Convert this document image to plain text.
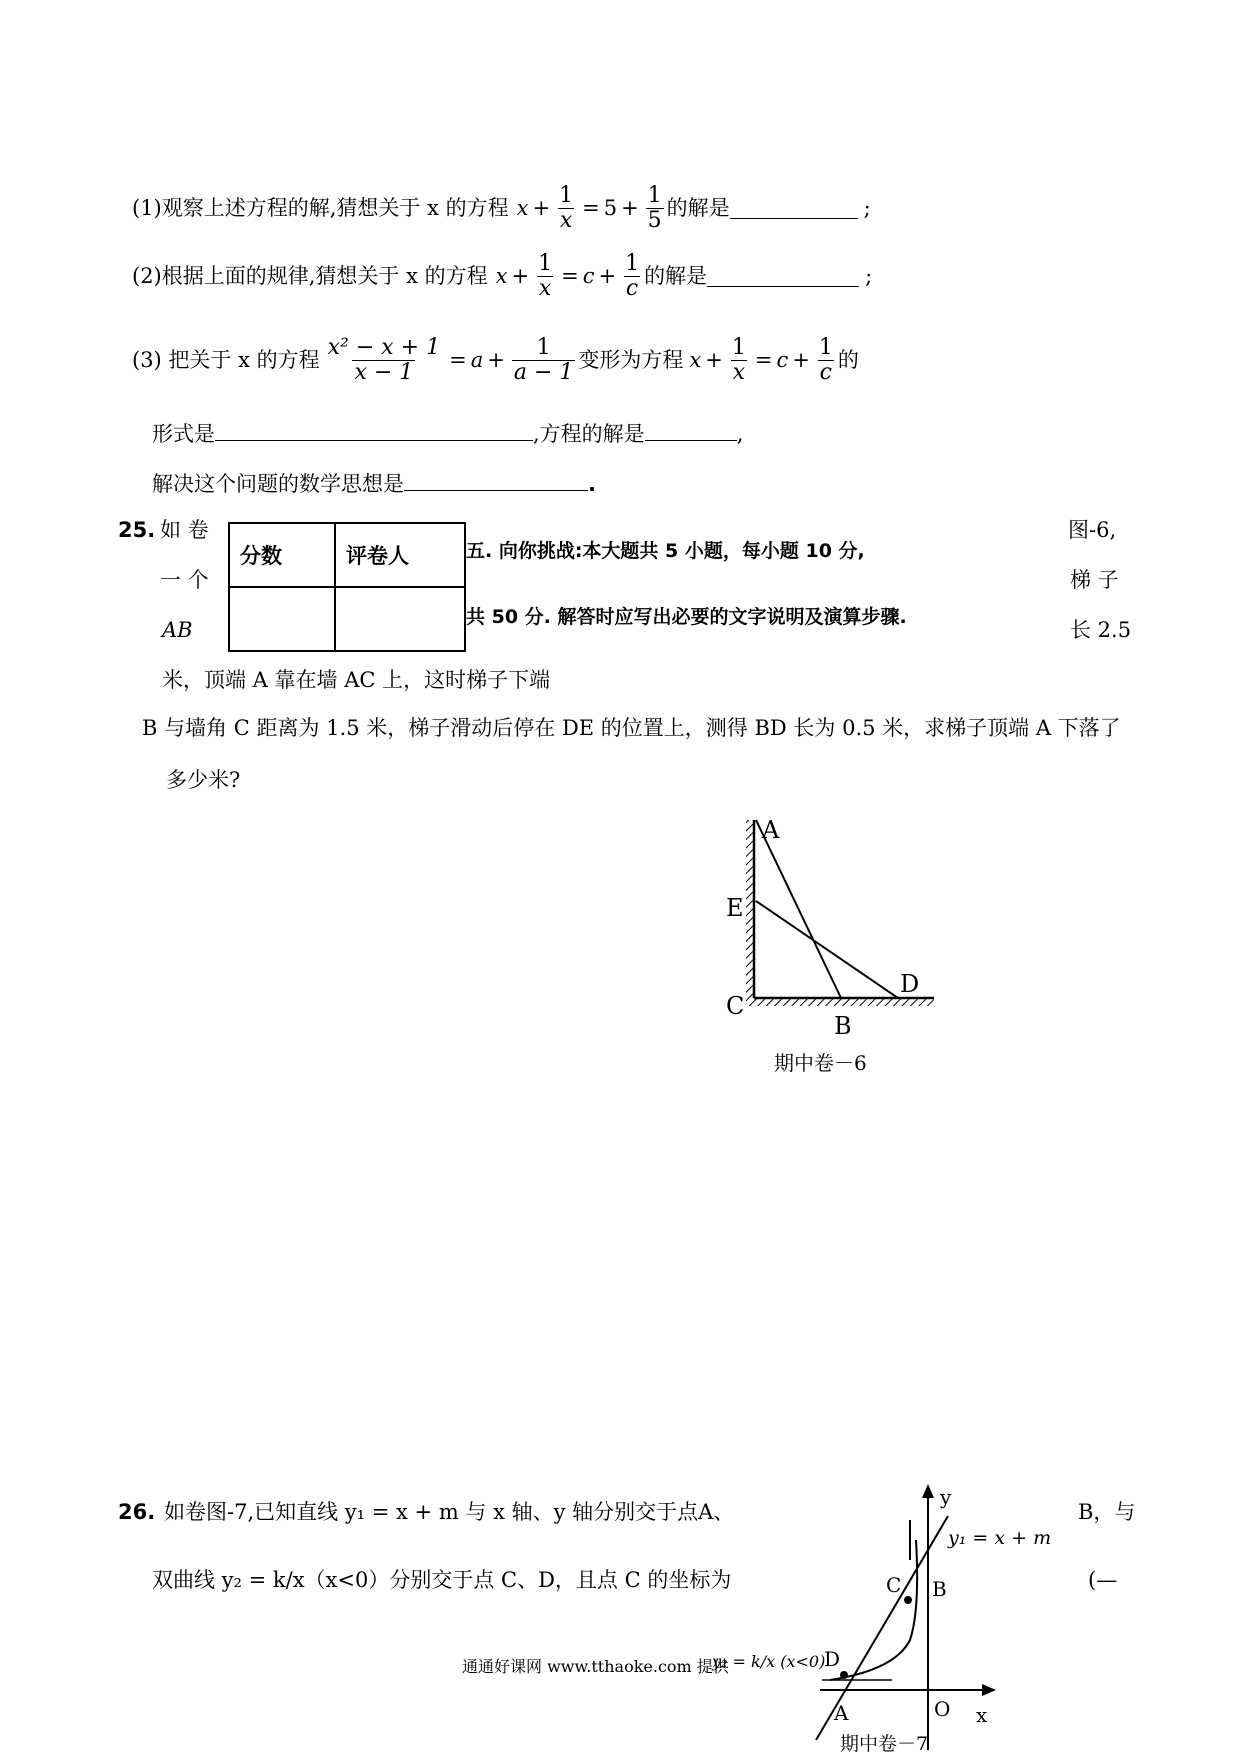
(1)观察上述方程的解,猜想关于 x 的方程 $x + \frac{1}{x} = 5 + \frac{1}{5}$ 的解是	;
(2)根据上面的规律,猜想关于 x 的方程 $x + \frac{1}{x} = c + \frac{1}{c}$ 的解是	;
(3) 把关于 x 的方程 $\frac{\text{x² − x + 1}}{x - 1} = a + \frac{1}{a - 1}$ 变形为方程 $x + \frac{1}{x} = c + \frac{1}{c}$ 的
形式是	,方程的解是	,
解决这个问题的数学思想是	.
25. 如 卷
一 个
AB
分数	评卷人
		五. 向你挑战:本大题共 5 小题，每小题 10 分,
共 50 分. 解答时应写出必要的文字说明及演算步骤.
图-6,
梯 子
长 2.5
米，顶端 A 靠在墙 AC 上，这时梯子下端
B 与墙角 C 距离为 1.5 米，梯子滑动后停在 DE 的位置上，测得 BD 长为 0.5 米，求梯子顶端 A 下落了
多少米?
A
E
C
B
D
期中卷－6
26. 如卷图-7,已知直线 y₁ = x + m 与 x 轴、y 轴分别交于点A、	B，与
双曲线 y₂ = k/x（x<0）分别交于点 C、D，且点 C 的坐标为	(—
y
x
O
A
B
C
D
y₁ = x + m
期中卷－7
通通好课网 www.tthaoke.com 提供
y₂ = k/x (x<0)
